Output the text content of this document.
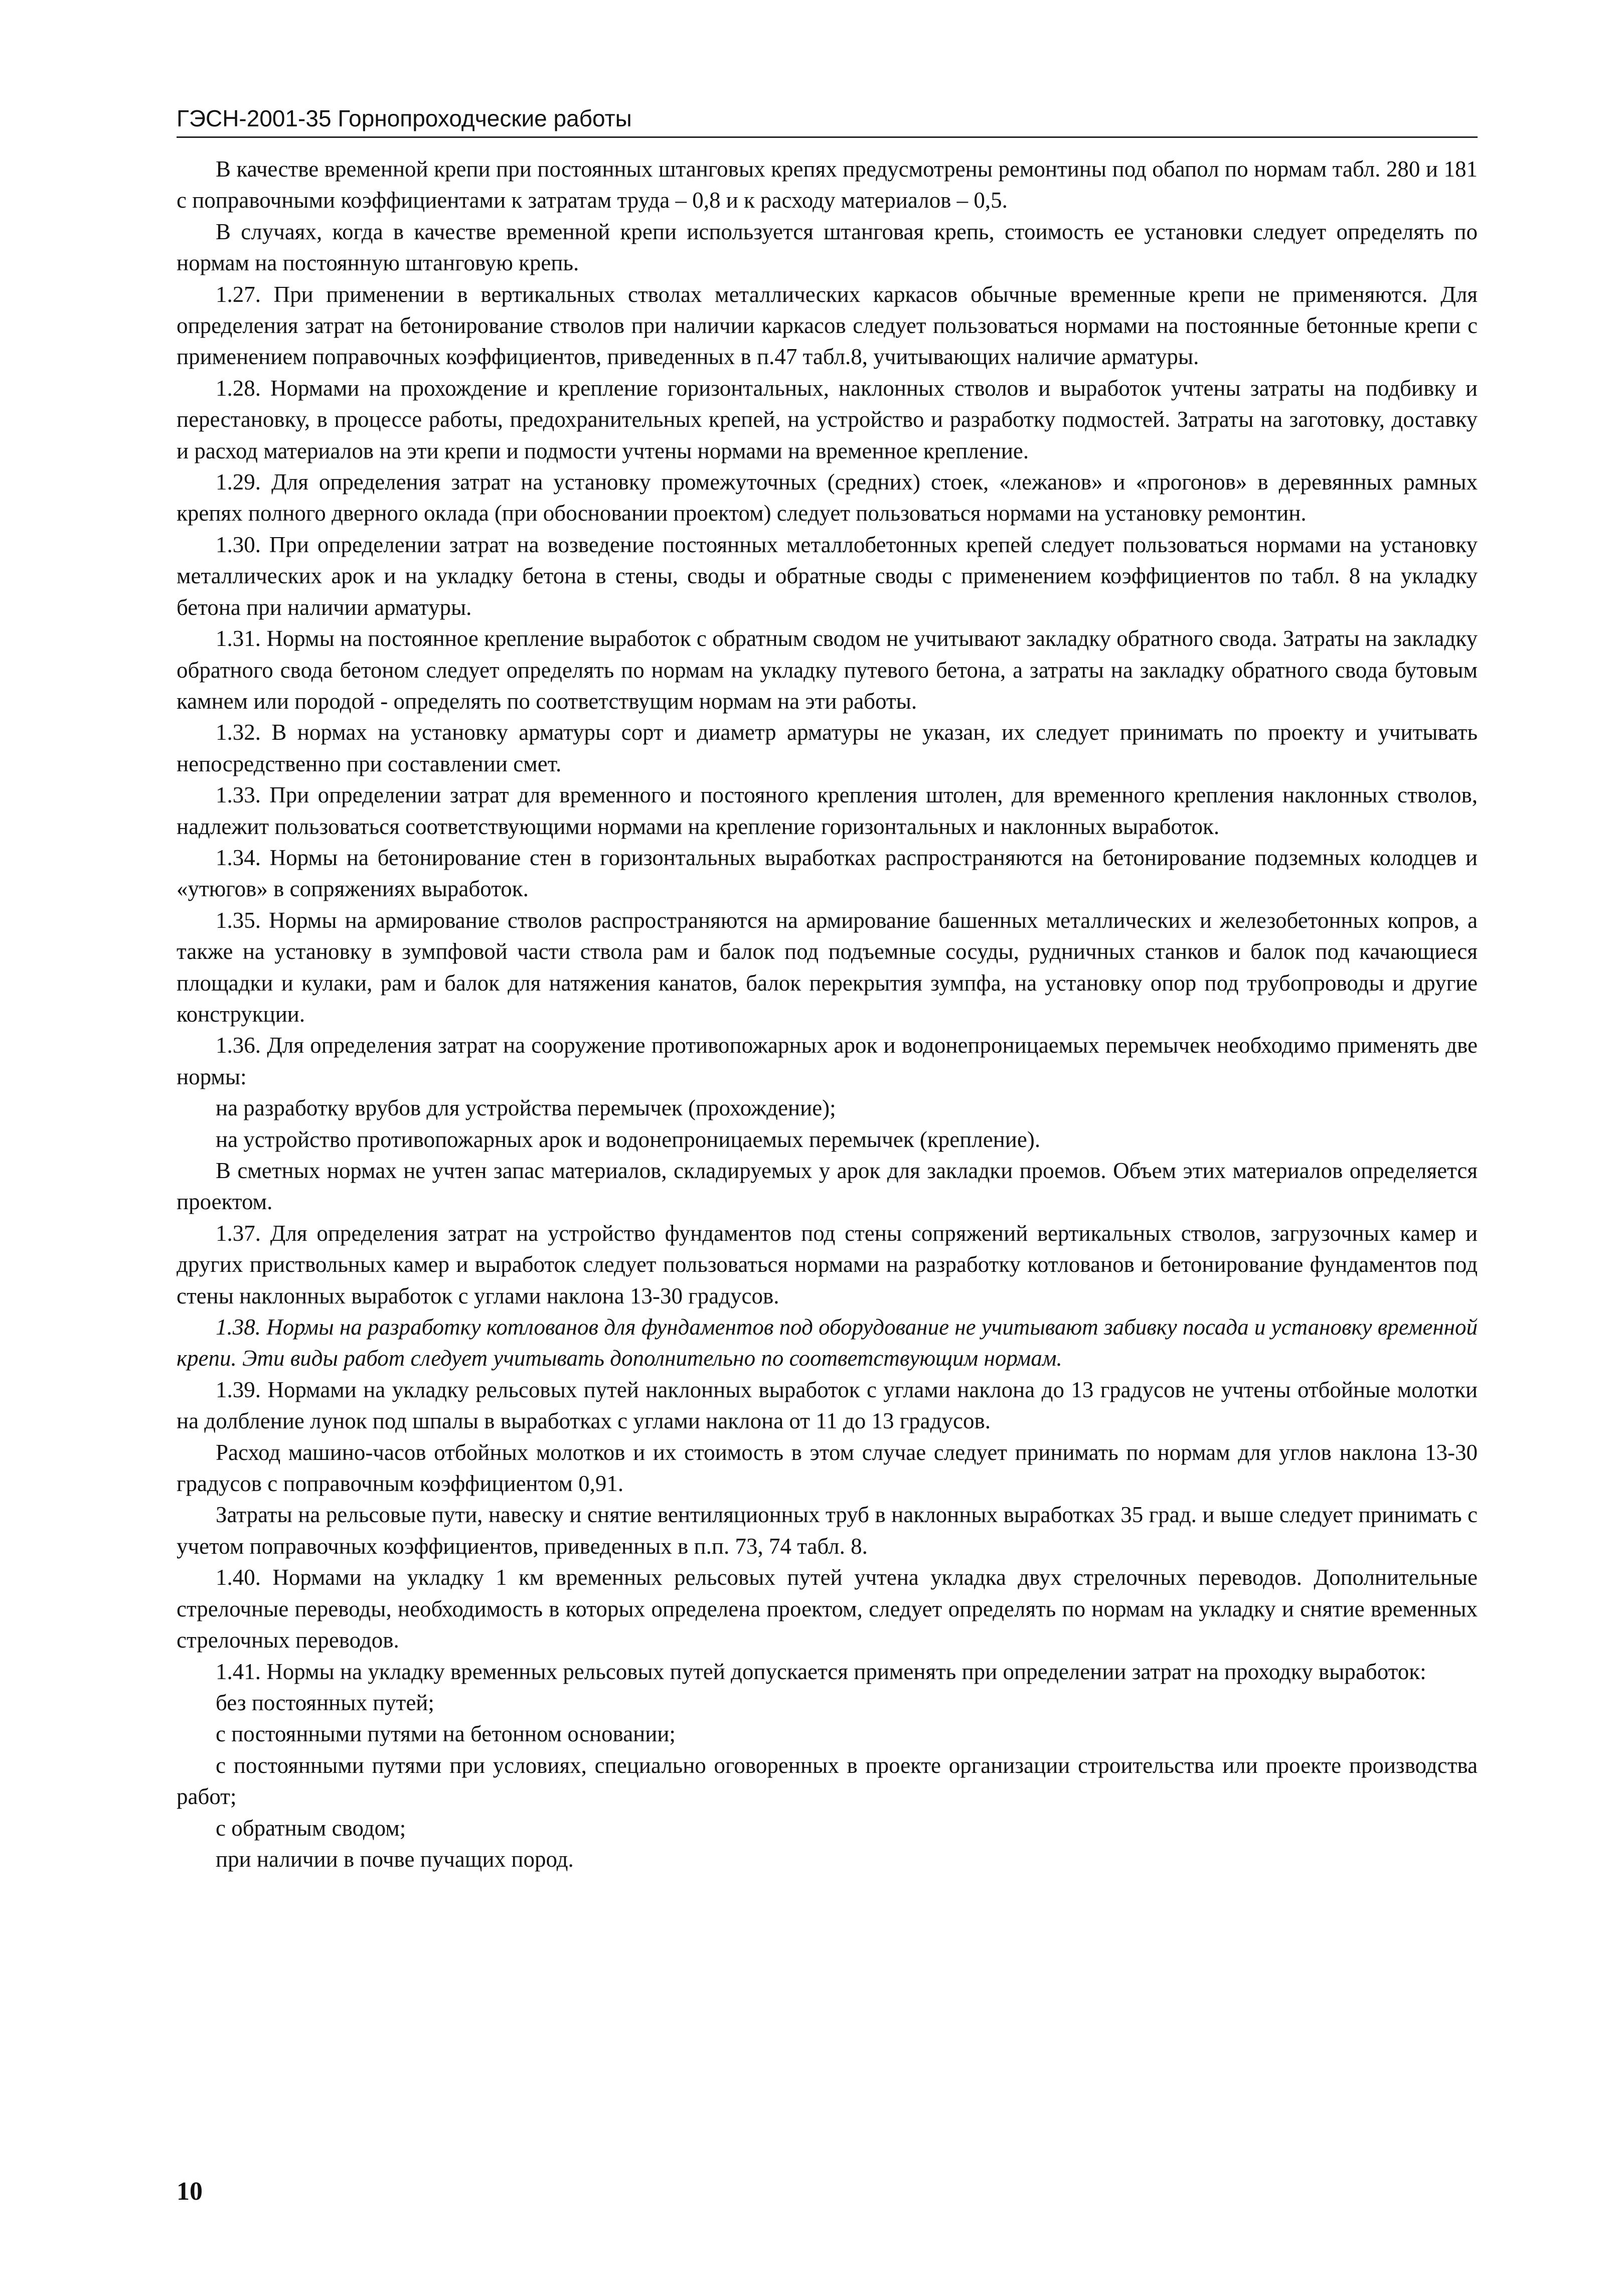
ГЭСН-2001-35 Горнопроходческие работы

В качестве временной крепи при постоянных штанговых крепях предусмотрены ремонтины под обапол по нормам табл. 280 и 181 с поправочными коэффициентами к затратам труда – 0,8 и к расходу материалов – 0,5.

В случаях, когда в качестве временной крепи используется штанговая крепь, стоимость ее установки следует определять по нормам на постоянную штанговую крепь.

1.27. При применении в вертикальных стволах металлических каркасов обычные временные крепи не применяются. Для определения затрат на бетонирование стволов при наличии каркасов следует пользоваться нормами на постоянные бетонные крепи с применением поправочных коэффициентов, приведенных в п.47 табл.8, учитывающих наличие арматуры.

1.28. Нормами на прохождение и крепление горизонтальных, наклонных стволов и выработок учтены затраты на подбивку и перестановку, в процессе работы, предохранительных крепей, на устройство и разработку подмостей. Затраты на заготовку, доставку и расход материалов на эти крепи и подмости учтены нормами на временное крепление.

1.29. Для определения затрат на установку промежуточных (средних) стоек, «лежанов» и «прогонов» в деревянных рамных крепях полного дверного оклада (при обосновании проектом) следует пользоваться нормами на установку ремонтин.

1.30. При определении затрат на возведение постоянных металлобетонных крепей следует пользоваться нормами на установку металлических арок и на укладку бетона в стены, своды и обратные своды с применением коэффициентов по табл. 8 на укладку бетона при наличии арматуры.

1.31. Нормы на постоянное крепление выработок с обратным сводом не учитывают закладку обратного свода. Затраты на закладку обратного свода бетоном следует определять по нормам на укладку путевого бетона, а затраты на закладку обратного свода бутовым камнем или породой - определять по соответствущим нормам на эти работы.

1.32. В нормах на установку арматуры сорт и диаметр арматуры не указан, их следует принимать по проекту и учитывать непосредственно при составлении смет.

1.33. При определении затрат для временного и постояного крепления штолен, для временного крепления наклонных стволов, надлежит пользоваться соответствующими нормами на крепление горизонтальных и наклонных выработок.

1.34. Нормы на бетонирование стен в горизонтальных выработках распространяются на бетонирование подземных колодцев и «утюгов» в сопряжениях выработок.

1.35. Нормы на армирование стволов распространяются на армирование башенных металлических и железобетонных копров, а также на установку в зумпфовой части ствола рам и балок под подъемные сосуды, рудничных станков и балок под качающиеся площадки и кулаки, рам и балок для натяжения канатов, балок перекрытия зумпфа, на установку опор под трубопроводы и другие конструкции.

1.36. Для определения затрат на сооружение противопожарных арок и водонепроницаемых перемычек необходимо применять две нормы:

на разработку врубов для устройства перемычек (прохождение);

на устройство противопожарных арок и водонепроницаемых перемычек (крепление).

В сметных нормах не учтен запас материалов, складируемых у арок для закладки проемов. Объем этих материалов определяется проектом.

1.37. Для определения затрат на устройство фундаментов под стены сопряжений вертикальных стволов, загрузочных камер и других приствольных камер и выработок следует пользоваться нормами на разработку котлованов и бетонирование фундаментов под стены наклонных выработок с углами наклона 13-30 градусов.

1.38. Нормы на разработку котлованов для фундаментов под оборудование не учитывают забивку посада и установку временной крепи. Эти виды работ следует учитывать дополнительно по соответствующим нормам.

1.39. Нормами на укладку рельсовых путей наклонных выработок с углами наклона до 13 градусов не учтены отбойные молотки на долбление лунок под шпалы в выработках с углами наклона от 11 до 13 градусов.

Расход машино-часов отбойных молотков и их стоимость в этом случае следует принимать по нормам для углов наклона 13-30 градусов с поправочным коэффициентом 0,91.

Затраты на рельсовые пути, навеску и снятие вентиляционных труб в наклонных выработках 35 град. и выше следует принимать с учетом поправочных коэффициентов, приведенных в п.п. 73, 74 табл. 8.

1.40. Нормами на укладку 1 км временных рельсовых путей учтена укладка двух стрелочных переводов. Дополнительные стрелочные переводы, необходимость в которых определена проектом, следует определять по нормам на укладку и снятие временных стрелочных переводов.

1.41. Нормы на укладку временных рельсовых путей допускается применять при определении затрат на проходку выработок:

без постоянных путей;

с постоянными путями на бетонном основании;

с постоянными путями при условиях, специально оговоренных в проекте организации строительства или проекте производства работ;

с обратным сводом;

при наличии в почве пучащих пород.

10
